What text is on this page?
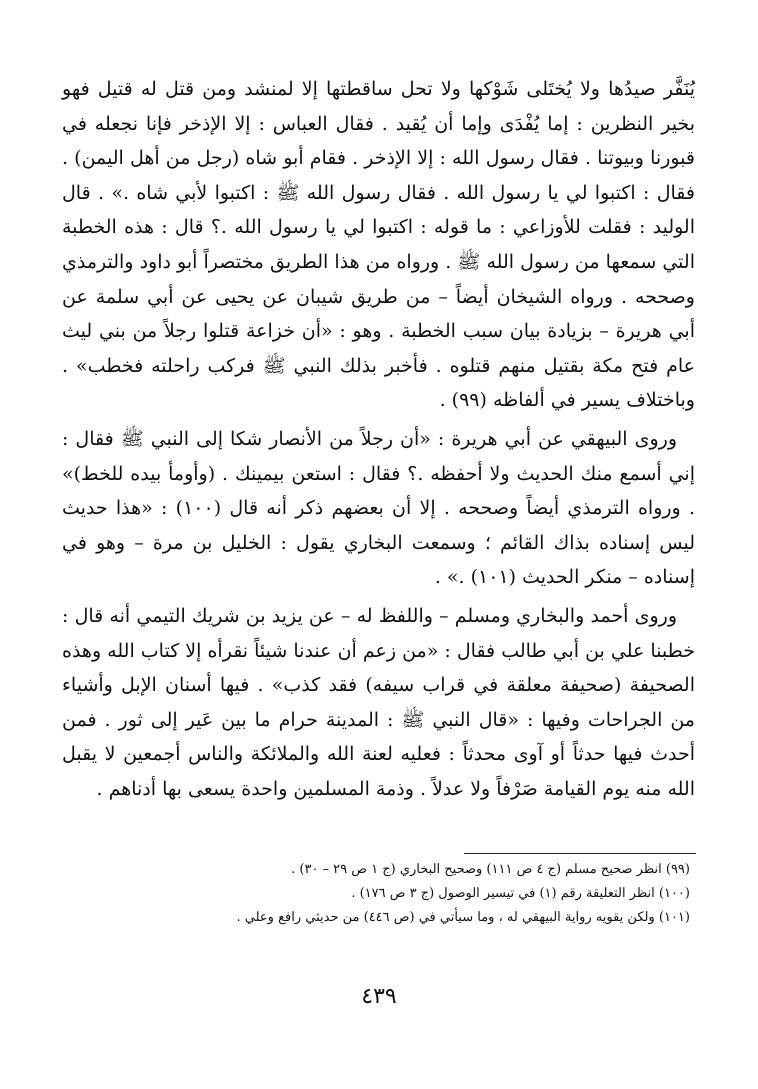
يُنَفَّر صيدُها ولا يُختَلى شَوْكها ولا تحل ساقطتها إلا لمنشد ومن قتل له قتيل فهو بخير النظرين : إما يُفْدَى وإما أن يُقيد . فقال العباس : إلا الإذخر فإنا نجعله في قبورنا وبيوتنا . فقال رسول الله : إلا الإذخر . فقام أبو شاه (رجل من أهل اليمن) . فقال : اكتبوا لي يا رسول الله . فقال رسول الله ﷺ : اكتبوا لأبي شاه .» . قال الوليد : فقلت للأوزاعي : ما قوله : اكتبوا لي يا رسول الله .؟ قال : هذه الخطبة التي سمعها من رسول الله ﷺ . ورواه من هذا الطريق مختصراً أبو داود والترمذي وصححه . ورواه الشيخان أيضاً – من طريق شيبان عن يحيى عن أبي سلمة عن أبي هريرة – بزيادة بيان سبب الخطبة . وهو : «أن خزاعة قتلوا رجلاً من بني ليث عام فتح مكة بقتيل منهم قتلوه . فأخبر بذلك النبي ﷺ فركب راحلته فخطب» . وباختلاف يسير في ألفاظه (٩٩) .

وروى البيهقي عن أبي هريرة : «أن رجلاً من الأنصار شكا إلى النبي ﷺ فقال : إني أسمع منك الحديث ولا أحفظه .؟ فقال : استعن بيمينك . (وأومأ بيده للخط)» . ورواه الترمذي أيضاً وصححه . إلا أن بعضهم ذكر أنه قال (١٠٠) : «هذا حديث ليس إسناده بذاك القائم ؛ وسمعت البخاري يقول : الخليل بن مرة – وهو في إسناده – منكر الحديث (١٠١) .» .

وروى أحمد والبخاري ومسلم – واللفظ له – عن يزيد بن شريك التيمي أنه قال : خطبنا علي بن أبي طالب فقال : «من زعم أن عندنا شيئاً نقرأه إلا كتاب الله وهذه الصحيفة (صحيفة معلقة في قراب سيفه) فقد كذب» . فيها أسنان الإبل وأشياء من الجراحات وفيها : «قال النبي ﷺ : المدينة حرام ما بين عَير إلى ثور . فمن أحدث فيها حدثاً أو آوى محدثاً : فعليه لعنة الله والملائكة والناس أجمعين لا يقبل الله منه يوم القيامة صَرْفاً ولا عدلاً . وذمة المسلمين واحدة يسعى بها أدناهم .

(٩٩) انظر صحيح مسلم (ج ٤ ص ١١١) وصحيح البخاري (ج ١ ص ٢٩ – ٣٠) .

(١٠٠) انظر التعليقة رقم (١) في تيسير الوصول (ج ٣ ص ١٧٦) .

(١٠١) ولكن يقويه رواية البيهقي له ، وما سيأتي في (ص ٤٤٦) من حديثي رافع وعلي .

٤٣٩
